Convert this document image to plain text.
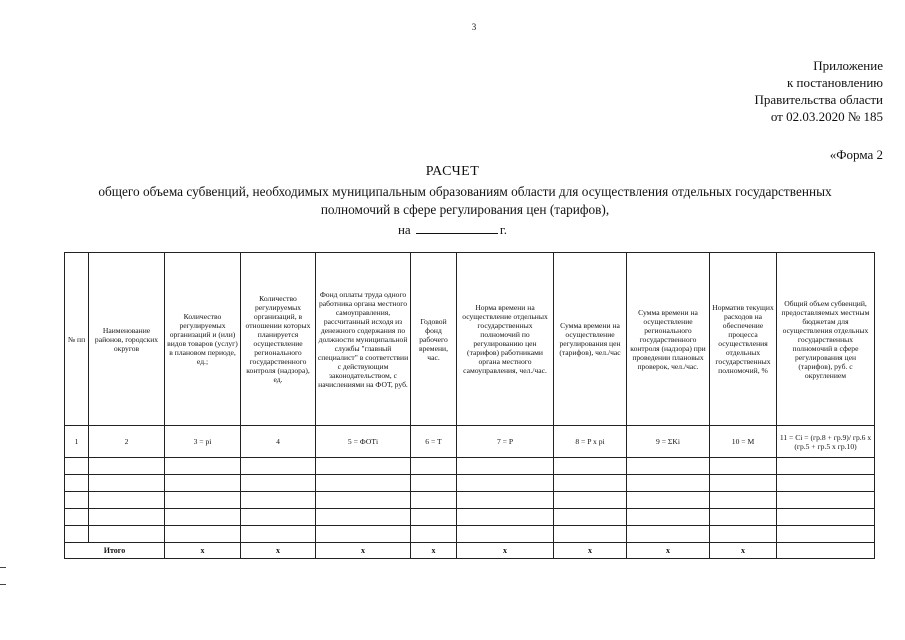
3
Приложение
к постановлению
Правительства области
от 02.03.2020 № 185
«Форма 2
РАСЧЕТ
общего объема субвенций, необходимых муниципальным образованиям области для осуществления отдельных государственных полномочий в сфере регулирования цен (тарифов),
на	г.
№ пп	Наименование районов, городских округов	Количество регулируемых организаций и (или) видов товаров (услуг) в плановом периоде, ед.;	Количество регулируемых организаций, в отношении которых планируется осуществление регионального государственного контроля (надзора), ед.	Фонд оплаты труда одного работника органа местного самоуправления, рассчитанный исходя из денежного содержания по должности муниципальной службы "главный специалист" в соответствии с действующим законодательством, с начислениями на ФОТ, руб.	Годовой фонд рабочего времени, час.	Норма времени на осуществление отдельных государственных полномочий по регулированию цен (тарифов) работниками органа местного самоуправления, чел./час.	Сумма времени на осуществление регулирования цен (тарифов), чел./час	Сумма времени на осуществление регионального государственного контроля (надзора) при проведении плановых проверок, чел./час.	Норматив текущих расходов на обеспечение процесса осуществления отдельных государственных полномочий, %	Общий объем субвенций, предоставляемых местным бюджетам для осуществления отдельных государственных полномочий в сфере регулирования цен (тарифов), руб. с округлением
1	2	3 = pi	4	5 = ФОТi	6 = T	7 = P	8 = P x pi	9 = ΣKi	10 = M	11 = Ci = (гр.8 + гр.9)/ гр.6 x (гр.5 + гр.5 x гр.10)

Итого		x	x	x	x	x	x	x	x	
